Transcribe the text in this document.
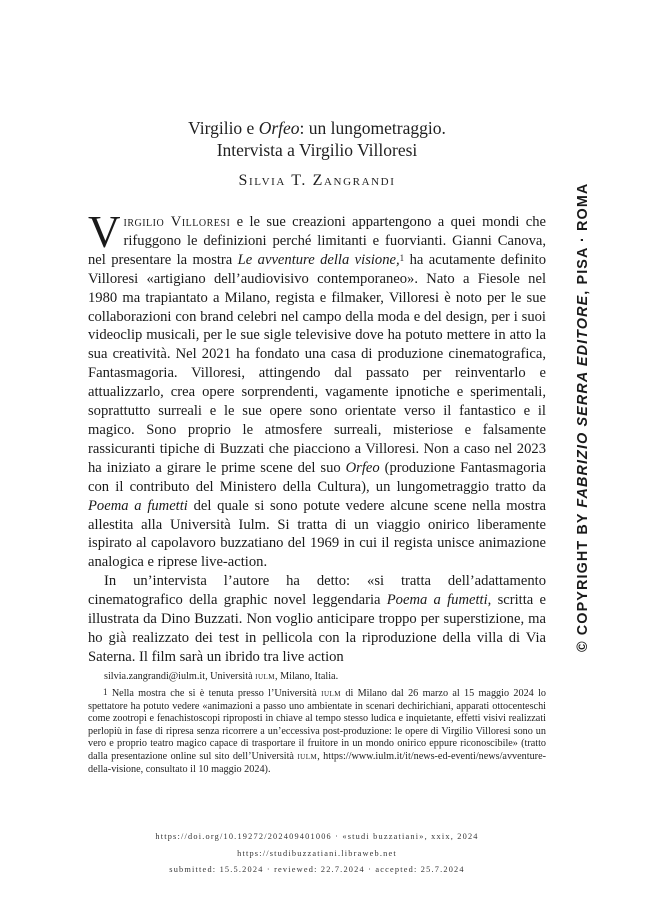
Virgilio e Orfeo: un lungometraggio.
Intervista a Virgilio Villoresi
Silvia T. Zangrandi

Virgilio Villoresi e le sue creazioni appartengono a quei mondi che rifuggono le definizioni perché limitanti e fuorvianti. Gianni Canova, nel presentare la mostra Le avventure della visione,$^1$ ha acutamente definito Villoresi «artigiano dell’audiovisivo contemporaneo». Nato a Fiesole nel 1980 ma trapiantato a Milano, regista e filmaker, Villoresi è noto per le sue collaborazioni con brand celebri nel campo della moda e del design, per i suoi videoclip musicali, per le sue sigle televisive dove ha potuto mettere in atto la sua creatività. Nel 2021 ha fondato una casa di produzione cinematografica, Fantasmagoria. Villoresi, attingendo dal passato per reinventarlo e attualizzarlo, crea opere sorprendenti, vagamente ipnotiche e sperimentali, soprattutto surreali e le sue opere sono orientate verso il fantastico e il magico. Sono proprio le atmosfere surreali, misteriose e falsamente rassicuranti tipiche di Buzzati che piacciono a Villoresi. Non a caso nel 2023 ha iniziato a girare le prime scene del suo Orfeo (produzione Fantasmagoria con il contributo del Ministero della Cultura), un lungometraggio tratto da Poema a fumetti del quale si sono potute vedere alcune scene nella mostra allestita alla Università Iulm. Si tratta di un viaggio onirico liberamente ispirato al capolavoro buzzatiano del 1969 in cui il regista unisce animazione analogica e riprese live-action.

In un’intervista l’autore ha detto: «si tratta dell’adattamento cinematografico della graphic novel leggendaria Poema a fumetti, scritta e illustrata da Dino Buzzati. Non voglio anticipare troppo per superstizione, ma ho già realizzato dei test in pellicola con la riproduzione della villa di Via Saterna. Il film sarà un ibrido tra live action

silvia.zangrandi@iulm.it, Università iulm, Milano, Italia.

1 Nella mostra che si è tenuta presso l’Università iulm di Milano dal 26 marzo al 15 maggio 2024 lo spettatore ha potuto vedere «animazioni a passo uno ambientate in scenari dechirichiani, apparati ottocenteschi come zootropi e fenachistoscopi riproposti in chiave al tempo stesso ludica e inquietante, effetti visivi realizzati perlopiù in fase di ripresa senza ricorrere a un’eccessiva post-produzione: le opere di Virgilio Villoresi sono un vero e proprio teatro magico capace di trasportare il fruitore in un mondo onirico eppure riconoscibile» (tratto dalla presentazione online sul sito dell’Università iulm, https://www.iulm.it/it/news-ed-eventi/news/avventure-della-visione, consultato il 10 maggio 2024).

https://doi.org/10.19272/202409401006 · «studi buzzatiani», xxix, 2024
https://studibuzzatiani.libraweb.net
submitted: 15.5.2024 · reviewed: 22.7.2024 · accepted: 25.7.2024
© COPYRIGHT BY FABRIZIO SERRA EDITORE, PISA · ROMA
